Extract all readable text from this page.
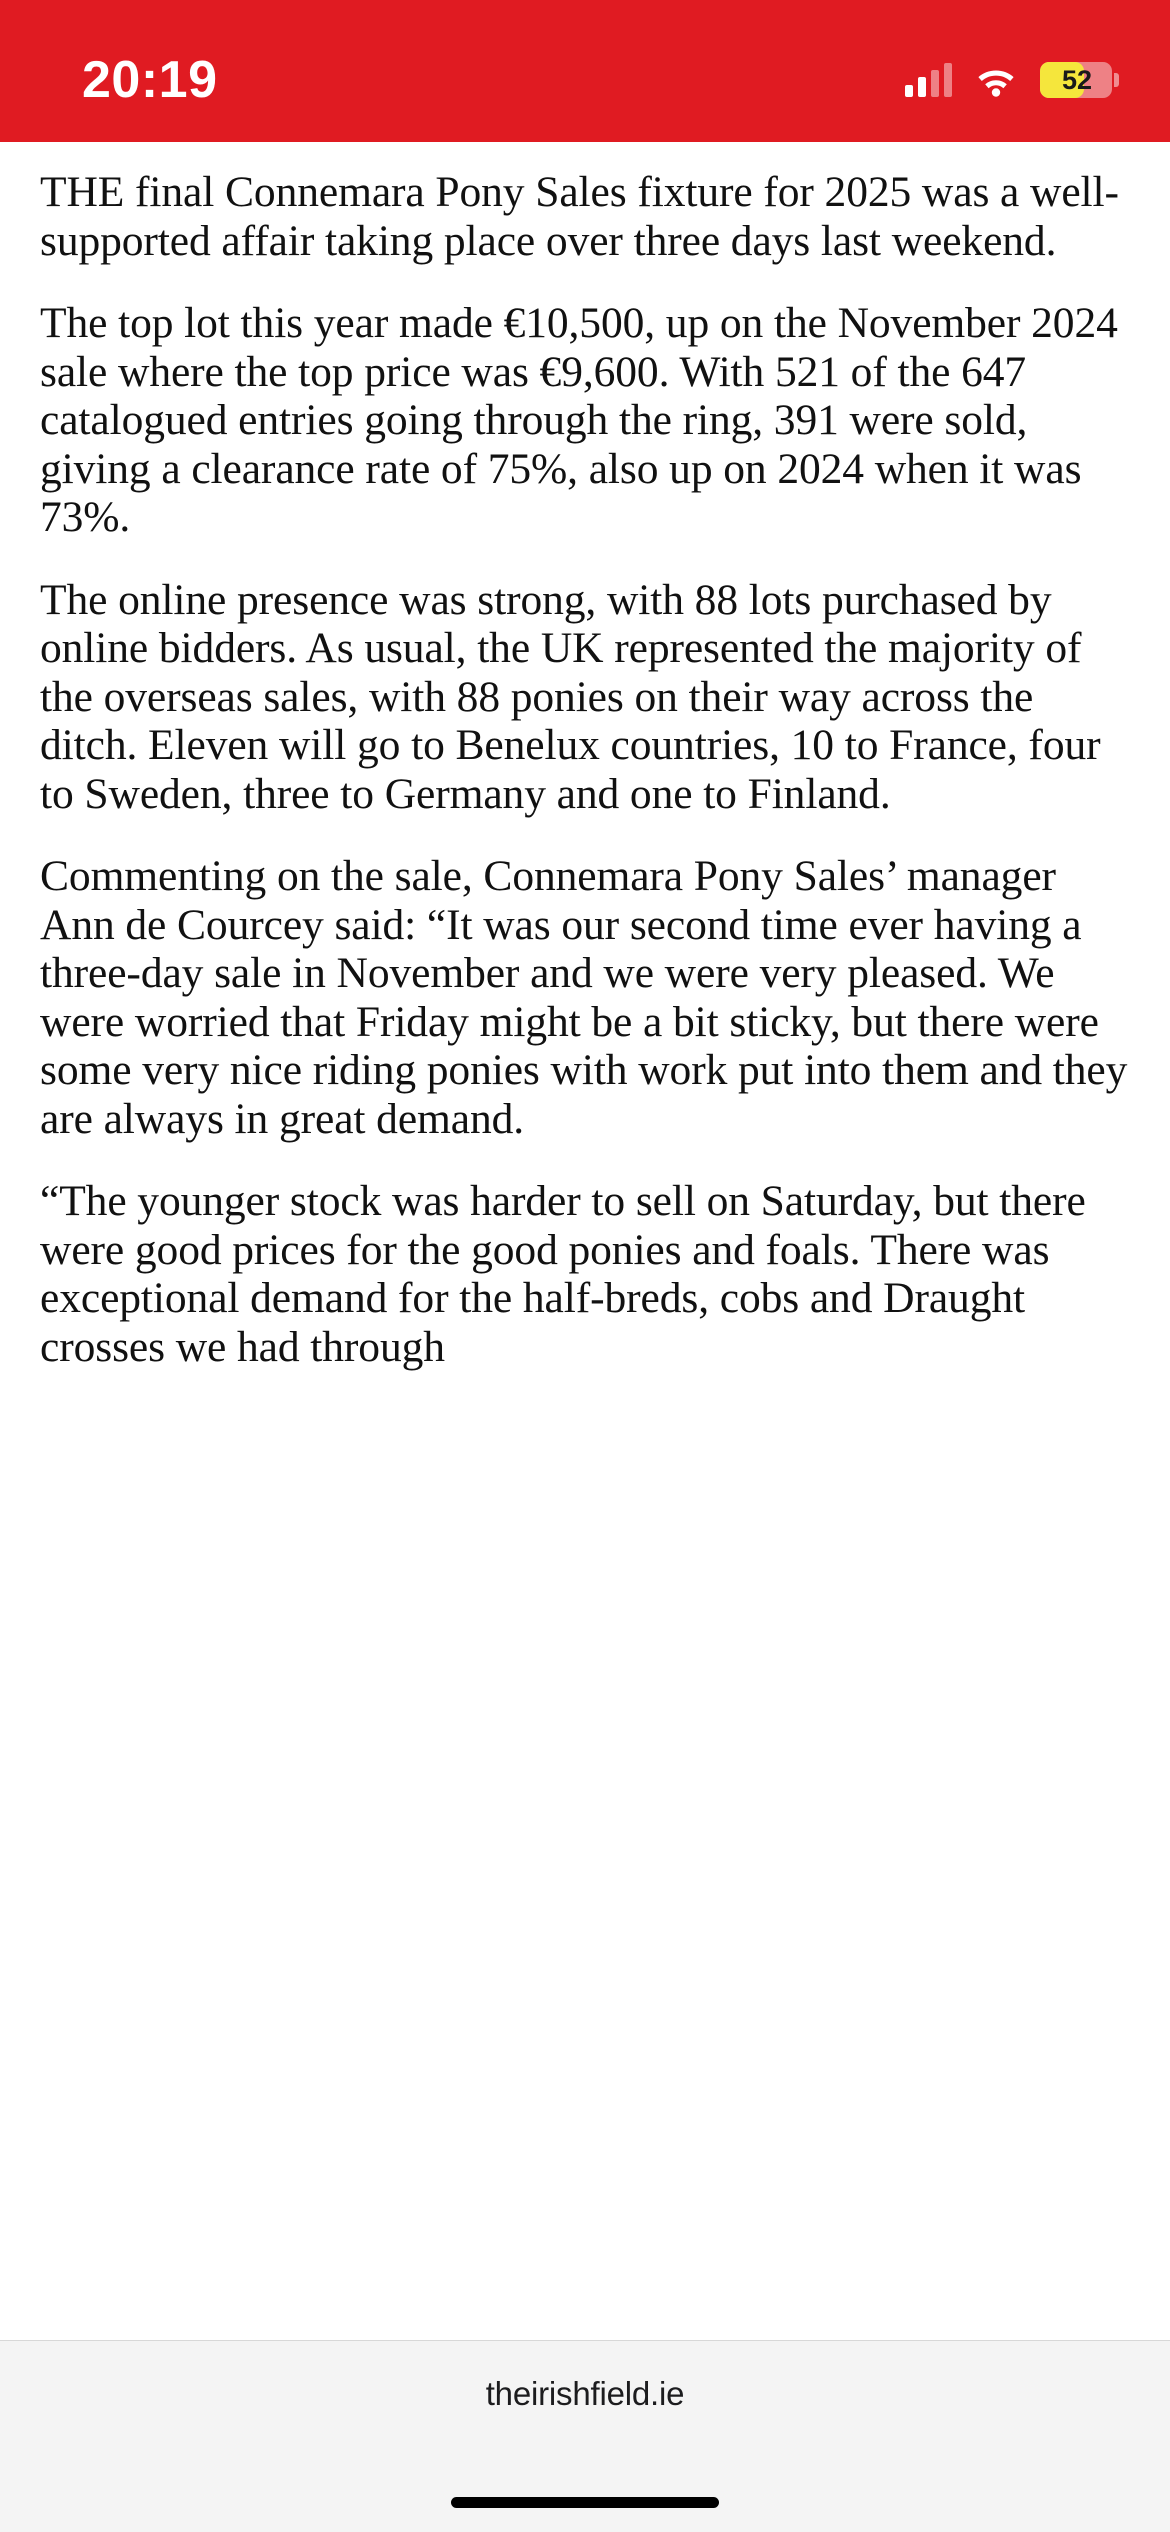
20:19	52

THE final Connemara Pony Sales fixture for 2025 was a well-supported affair taking place over three days last weekend.

The top lot this year made €10,500, up on the November 2024 sale where the top price was €9,600. With 521 of the 647 catalogued entries going through the ring, 391 were sold, giving a clearance rate of 75%, also up on 2024 when it was 73%.

The online presence was strong, with 88 lots purchased by online bidders. As usual, the UK represented the majority of the overseas sales, with 88 ponies on their way across the ditch. Eleven will go to Benelux countries, 10 to France, four to Sweden, three to Germany and one to Finland.

Commenting on the sale, Connemara Pony Sales’ manager Ann de Courcey said: “It was our second time ever having a three-day sale in November and we were very pleased. We were worried that Friday might be a bit sticky, but there were some very nice riding ponies with work put into them and they are always in great demand.

“The younger stock was harder to sell on Saturday, but there were good prices for the good ponies and foals. There was exceptional demand for the half-breds, cobs and Draught crosses we had through

theirishfield.ie
